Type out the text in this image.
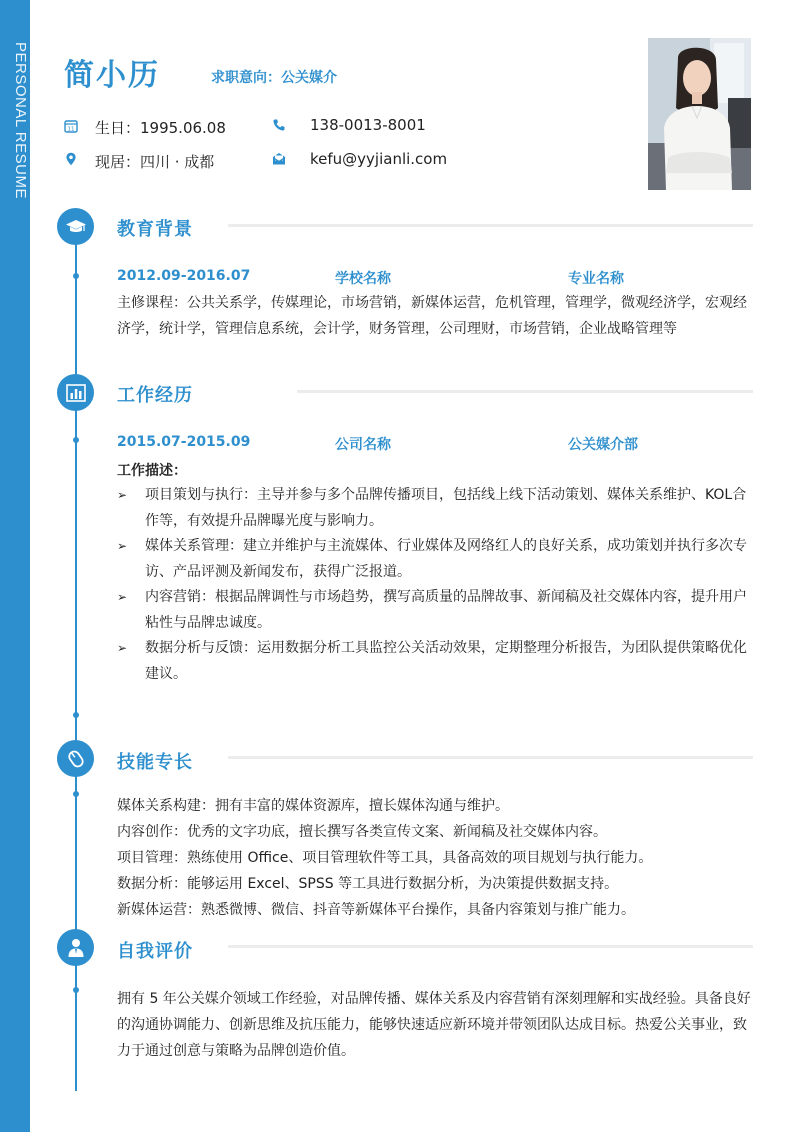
PERSONAL RESUME 简小历	求职意向：公关媒介
11 生日：1995.06.08	138-0013-8001
现居：四川 · 成都	kefu@yyjianli.com
教育背景
2012.09-2016.07	学校名称	专业名称
主修课程：公共关系学，传媒理论，市场营销，新媒体运营，危机管理，管理学，微观经济学，宏观经济学，统计学，管理信息系统，会计学，财务管理，公司理财，市场营销，企业战略管理等
工作经历
2015.07-2015.09	公司名称	公关媒介部
工作描述：
➢ 项目策划与执行：主导并参与多个品牌传播项目，包括线上线下活动策划、媒体关系维护、KOL合作等，有效提升品牌曝光度与影响力。
➢ 媒体关系管理：建立并维护与主流媒体、行业媒体及网络红人的良好关系，成功策划并执行多次专访、产品评测及新闻发布，获得广泛报道。
➢ 内容营销：根据品牌调性与市场趋势，撰写高质量的品牌故事、新闻稿及社交媒体内容，提升用户粘性与品牌忠诚度。
➢ 数据分析与反馈：运用数据分析工具监控公关活动效果，定期整理分析报告，为团队提供策略优化建议。
技能专长
媒体关系构建：拥有丰富的媒体资源库，擅长媒体沟通与维护。
内容创作：优秀的文字功底，擅长撰写各类宣传文案、新闻稿及社交媒体内容。
项目管理：熟练使用 Office、项目管理软件等工具，具备高效的项目规划与执行能力。
数据分析：能够运用 Excel、SPSS 等工具进行数据分析，为决策提供数据支持。
新媒体运营：熟悉微博、微信、抖音等新媒体平台操作，具备内容策划与推广能力。
自我评价
拥有 5 年公关媒介领域工作经验，对品牌传播、媒体关系及内容营销有深刻理解和实战经验。具备良好的沟通协调能力、创新思维及抗压能力，能够快速适应新环境并带领团队达成目标。热爱公关事业，致力于通过创意与策略为品牌创造价值。
